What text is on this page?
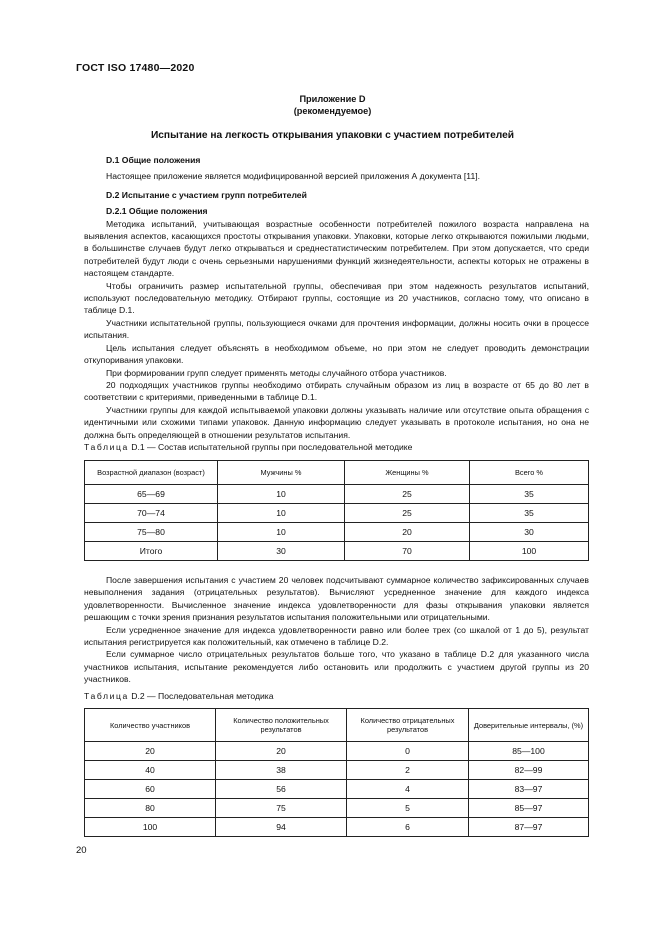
ГОСТ ISO 17480—2020
Приложение D
(рекомендуемое)
Испытание на легкость открывания упаковки с участием потребителей

D.1 Общие положения

Настоящее приложение является модифицированной версией приложения А документа [11].

D.2 Испытание с участием групп потребителей

D.2.1 Общие положения

Методика испытаний, учитывающая возрастные особенности потребителей пожилого возраста направлена на выявления аспектов, касающихся простоты открывания упаковки. Упаковки, которые легко открываются пожилыми людьми, в большинстве случаев будут легко открываться и среднестатистическим потребителем. При этом допускается, что среди потребителей будут люди с очень серьезными нарушениями функций жизнедеятельности, аспекты которых не отражены в настоящем стандарте.

Чтобы ограничить размер испытательной группы, обеспечивая при этом надежность результатов испытаний, используют последовательную методику. Отбирают группы, состоящие из 20 участников, согласно тому, что описано в таблице D.1.

Участники испытательной группы, пользующиеся очками для прочтения информации, должны носить очки в процессе испытания.

Цель испытания следует объяснять в необходимом объеме, но при этом не следует проводить демонстрации откупоривания упаковки.

При формировании групп следует применять методы случайного отбора участников.

20 подходящих участников группы необходимо отбирать случайным образом из лиц в возрасте от 65 до 80 лет в соответствии с критериями, приведенными в таблице D.1.

Участники группы для каждой испытываемой упаковки должны указывать наличие или отсутствие опыта обращения с идентичными или схожими типами упаковок. Данную информацию следует указывать в протоколе испытания, но она не должна быть определяющей в отношении результатов испытания.

Таблица D.1 — Состав испытательной группы при последовательной методике
Возрастной диапазон (возраст)	Мужчины %	Женщины %	Всего %
65—69	10	25	35
70—74	10	25	35
75—80	10	20	30
Итого	30	70	100

После завершения испытания с участием 20 человек подсчитывают суммарное количество зафиксированных случаев невыполнения задания (отрицательных результатов). Вычисляют усредненное значение для каждого индекса удовлетворенности. Вычисленное значение индекса удовлетворенности для фазы открывания упаковки является решающим с точки зрения признания результатов испытания положительными или отрицательными.

Если усредненное значение для индекса удовлетворенности равно или более трех (со шкалой от 1 до 5), результат испытания регистрируется как положительный, как отмечено в таблице D.2.

Если суммарное число отрицательных результатов больше того, что указано в таблице D.2 для указанного числа участников испытания, испытание рекомендуется либо остановить или продолжить с участием другой группы из 20 участников.

Таблица D.2 — Последовательная методика
Количество участников	Количество положительных результатов	Количество отрицательных результатов	Доверительные интервалы, (%)
20	20	0	85—100
40	38	2	82—99
60	56	4	83—97
80	75	5	85—97
100	94	6	87—97
20
